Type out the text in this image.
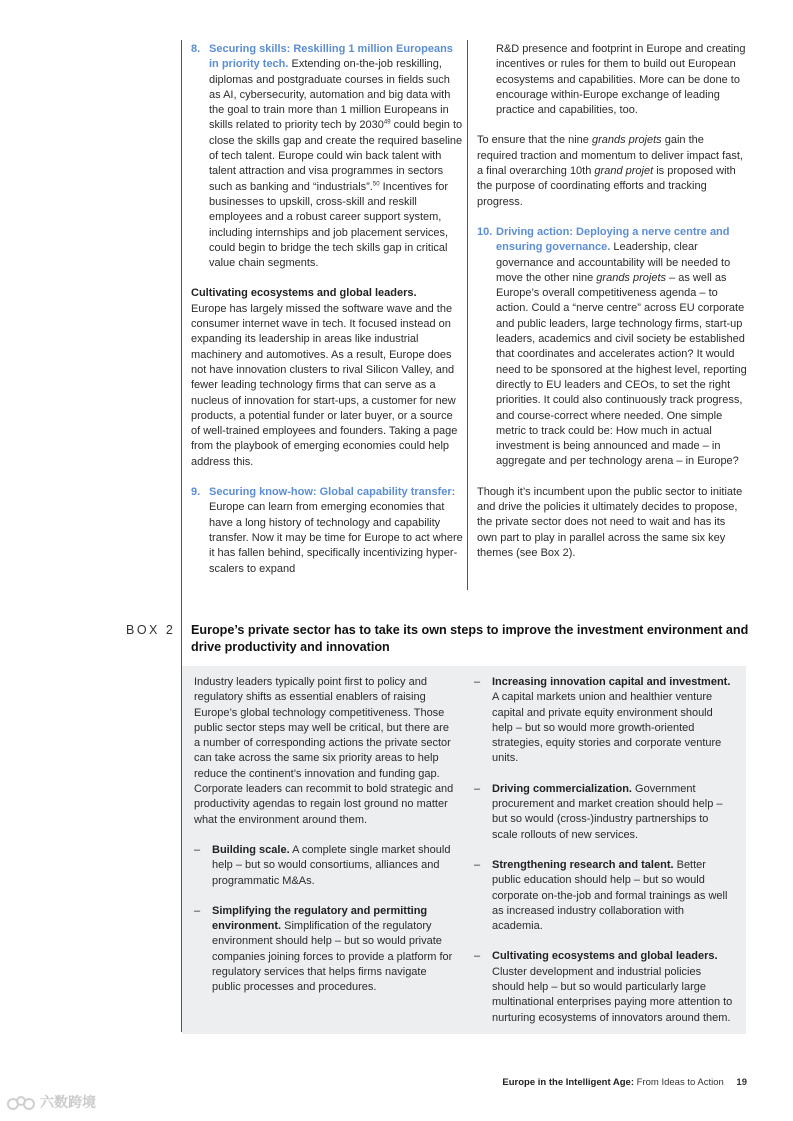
8. Securing skills: Reskilling 1 million Europeans in priority tech. Extending on-the-job reskilling, diplomas and postgraduate courses in fields such as AI, cybersecurity, automation and big data with the goal to train more than 1 million Europeans in skills related to priority tech by 2030$^{49}$ could begin to close the skills gap and create the required baseline of tech talent. Europe could win back talent with talent attraction and visa programmes in sectors such as banking and “industrials”.$^{50}$ Incentives for businesses to upskill, cross-skill and reskill employees and a robust career support system, including internships and job placement services, could begin to bridge the tech skills gap in critical value chain segments.

Cultivating ecosystems and global leaders.
Europe has largely missed the software wave and the consumer internet wave in tech. It focused instead on expanding its leadership in areas like industrial machinery and automotives. As a result, Europe does not have innovation clusters to rival Silicon Valley, and fewer leading technology firms that can serve as a nucleus of innovation for start-ups, a customer for new products, a potential funder or later buyer, or a source of well-trained employees and founders. Taking a page from the playbook of emerging economies could help address this.

9. Securing know-how: Global capability transfer: Europe can learn from emerging economies that have a long history of technology and capability transfer. Now it may be time for Europe to act where it has fallen behind, specifically incentivizing hyper-scalers to expand

R&D presence and footprint in Europe and creating incentives or rules for them to build out European ecosystems and capabilities. More can be done to encourage within-Europe exchange of leading practice and capabilities, too.

To ensure that the nine grands projets gain the required traction and momentum to deliver impact fast, a final overarching 10th grand projet is proposed with the purpose of coordinating efforts and tracking progress.

10. Driving action: Deploying a nerve centre and ensuring governance. Leadership, clear governance and accountability will be needed to move the other nine grands projets – as well as Europe’s overall competitiveness agenda – to action. Could a “nerve centre” across EU corporate and public leaders, large technology firms, start-up leaders, academics and civil society be established that coordinates and accelerates action? It would need to be sponsored at the highest level, reporting directly to EU leaders and CEOs, to set the right priorities. It could also continuously track progress, and course-correct where needed. One simple metric to track could be: How much in actual investment is being announced and made – in aggregate and per technology arena – in Europe?

Though it’s incumbent upon the public sector to initiate and drive the policies it ultimately decides to propose, the private sector does not need to wait and has its own part to play in parallel across the same six key themes (see Box 2).

BOX 2 Europe’s private sector has to take its own steps to improve the investment environment and drive productivity and innovation

Industry leaders typically point first to policy and regulatory shifts as essential enablers of raising Europe’s global technology competitiveness. Those public sector steps may well be critical, but there are a number of corresponding actions the private sector can take across the same six priority areas to help reduce the continent’s innovation and funding gap. Corporate leaders can recommit to bold strategic and productivity agendas to regain lost ground no matter what the environment around them.

– Building scale. A complete single market should help – but so would consortiums, alliances and programmatic M&As.

– Simplifying the regulatory and permitting environment. Simplification of the regulatory environment should help – but so would private companies joining forces to provide a platform for regulatory services that helps firms navigate public processes and procedures.

– Increasing innovation capital and investment. A capital markets union and healthier venture capital and private equity environment should help – but so would more growth-oriented strategies, equity stories and corporate venture units.

– Driving commercialization. Government procurement and market creation should help – but so would (cross-)industry partnerships to scale rollouts of new services.

– Strengthening research and talent. Better public education should help – but so would corporate on-the-job and formal trainings as well as increased industry collaboration with academia.

– Cultivating ecosystems and global leaders. Cluster development and industrial policies should help – but so would particularly large multinational enterprises paying more attention to nurturing ecosystems of innovators around them.

Europe in the Intelligent Age: From Ideas to Action 19
六数跨境
